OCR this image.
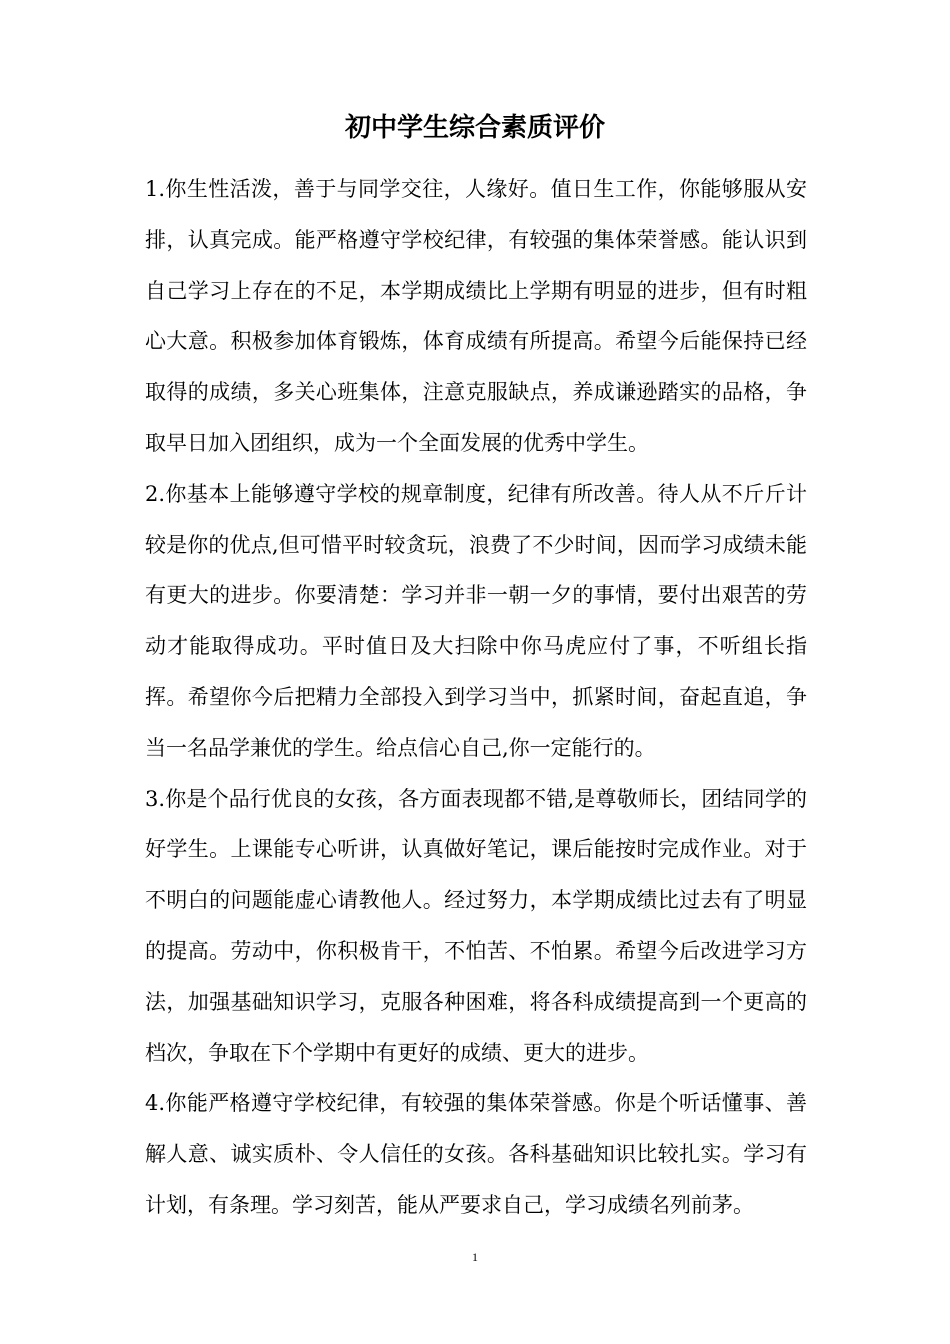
初中学生综合素质评价

1.你生性活泼，善于与同学交往，人缘好。值日生工作，你能够服从安排，认真完成。能严格遵守学校纪律，有较强的集体荣誉感。能认识到自己学习上存在的不足，本学期成绩比上学期有明显的进步，但有时粗心大意。积极参加体育锻炼，体育成绩有所提高。希望今后能保持已经取得的成绩，多关心班集体，注意克服缺点，养成谦逊踏实的品格，争取早日加入团组织，成为一个全面发展的优秀中学生。

2.你基本上能够遵守学校的规章制度，纪律有所改善。待人从不斤斤计较是你的优点,但可惜平时较贪玩，浪费了不少时间，因而学习成绩未能有更大的进步。你要清楚：学习并非一朝一夕的事情，要付出艰苦的劳动才能取得成功。平时值日及大扫除中你马虎应付了事，不听组长指挥。希望你今后把精力全部投入到学习当中，抓紧时间，奋起直追，争当一名品学兼优的学生。给点信心自己,你一定能行的。

3.你是个品行优良的女孩，各方面表现都不错,是尊敬师长，团结同学的好学生。上课能专心听讲，认真做好笔记，课后能按时完成作业。对于不明白的问题能虚心请教他人。经过努力，本学期成绩比过去有了明显的提高。劳动中，你积极肯干，不怕苦、不怕累。希望今后改进学习方法，加强基础知识学习，克服各种困难，将各科成绩提高到一个更高的档次，争取在下个学期中有更好的成绩、更大的进步。

4.你能严格遵守学校纪律，有较强的集体荣誉感。你是个听话懂事、善解人意、诚实质朴、令人信任的女孩。各科基础知识比较扎实。学习有计划，有条理。学习刻苦，能从严要求自己，学习成绩名列前茅。

1
